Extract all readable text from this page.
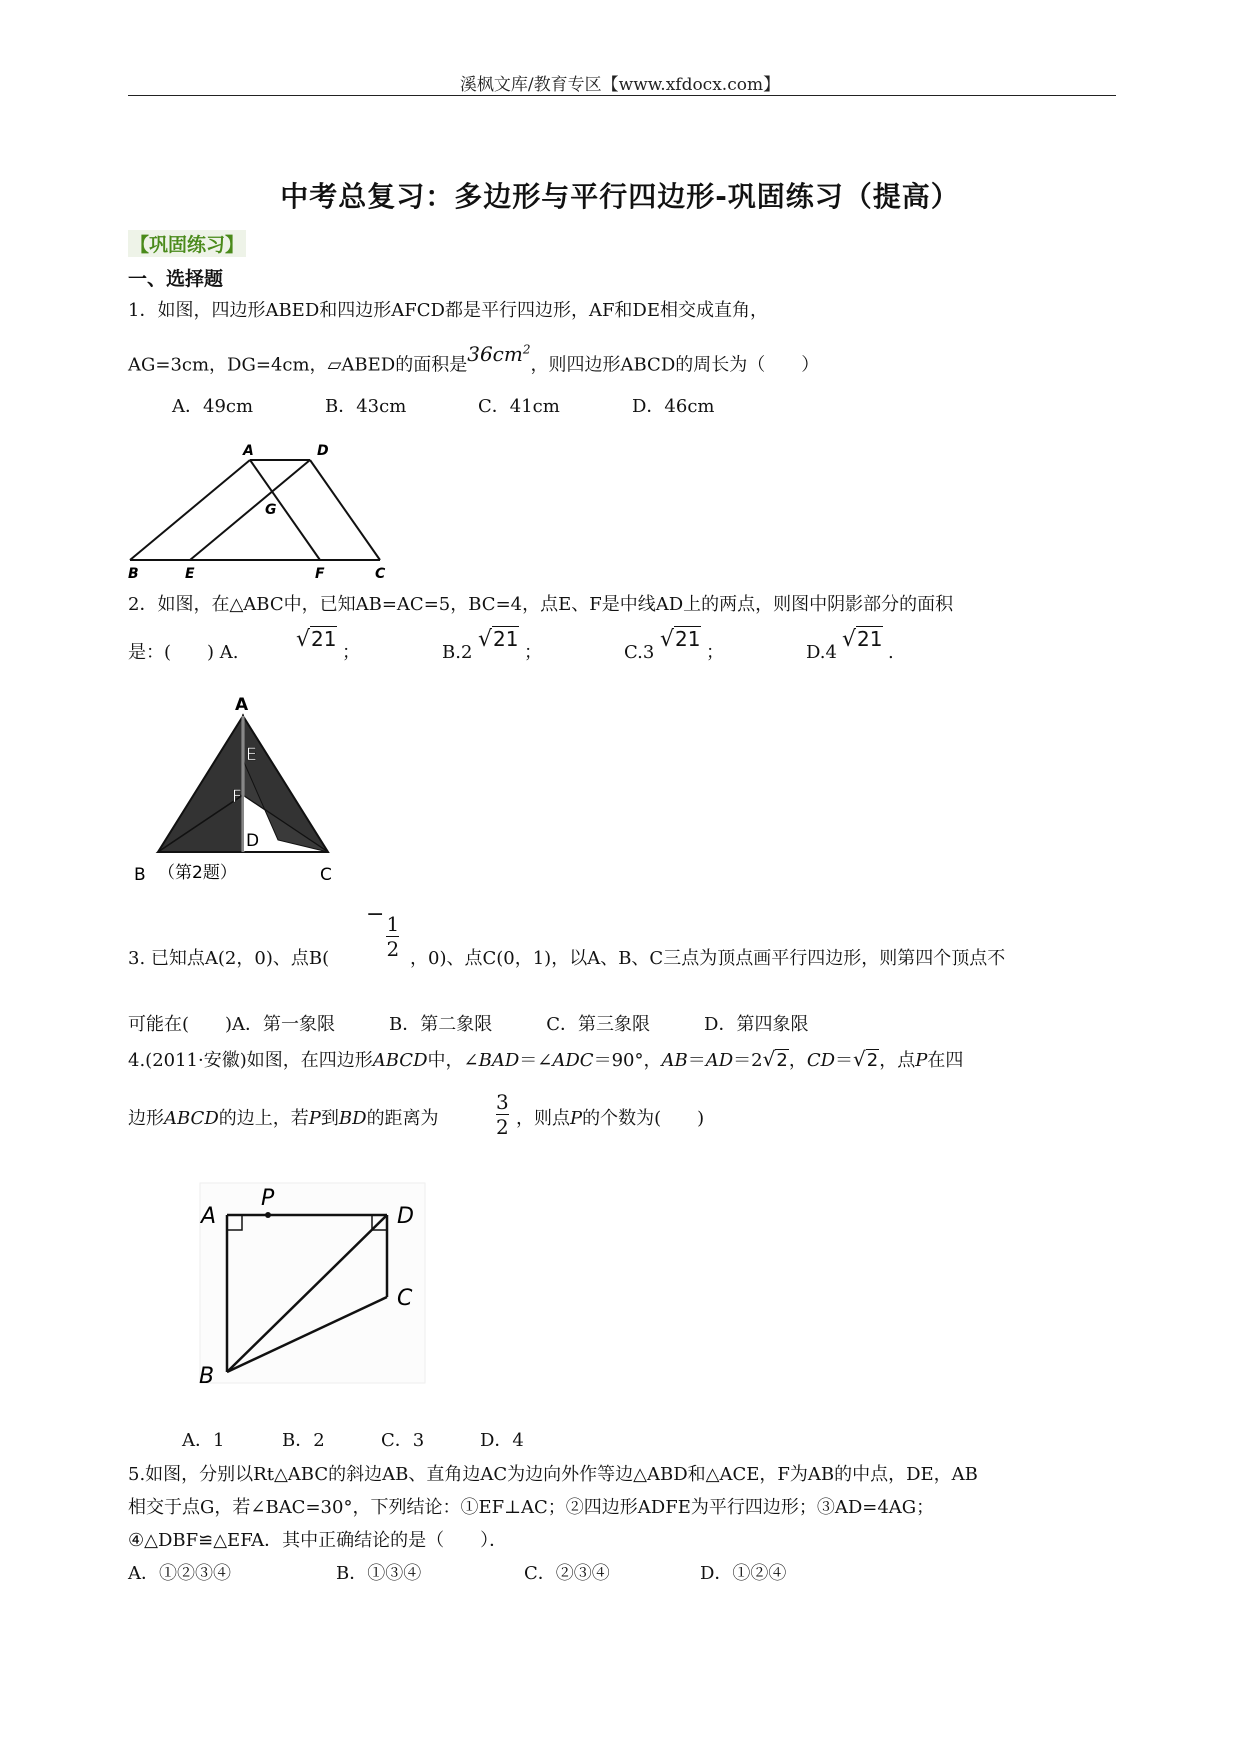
溪枫文库/教育专区【www.xfdocx.com】
中考总复习：多边形与平行四边形-巩固练习（提高）
【巩固练习】
一、选择题
1．如图，四边形ABED和四边形AFCD都是平行四边形，AF和DE相交成直角，
AG=3cm，DG=4cm，▱ABED的面积是$36cm^2$，则四边形ABCD的周长为（　　）
A．49cm	B．43cm	C．41cm	D．46cm
A	D
G
B	E	F	C
2．如图，在△ABC中，已知AB=AC=5，BC=4，点E、F是中线AD上的两点，则图中阴影部分的面积
是：(　　) A.
√21
；	B.2
√21
；	C.3
√21
；	D.4
√21
.
A
E
F
D
B （第2题）	C
3. 已知点A(2，0)、点B(
− $\frac{1}{2}$ ，0)、点C(0，1)，以A、B、C三点为顶点画平行四边形，则第四个顶点不
可能在(　　)A．第一象限　　　B．第二象限　　　C．第三象限　　　D．第四象限
4.(2011·安徽)如图，在四边形ABCD中，∠BAD＝∠ADC＝90°，AB＝AD＝2√2，CD＝√2，点P在四
边形ABCD的边上，若P到BD的距离为	$\frac{3}{2}$ ，则点P的个数为(　　)
A
P
D
C
B
A．1	B．2	C．3	D．4
5.如图，分别以Rt△ABC的斜边AB、直角边AC为边向外作等边△ABD和△ACE，F为AB的中点，DE，AB
相交于点G，若∠BAC=30°，下列结论：①EF⊥AC；②四边形ADFE为平行四边形；③AD=4AG；
④△DBF≌△EFA．其中正确结论的是（　　）．
A．①②③④	B．①③④	C．②③④	D．①②④
